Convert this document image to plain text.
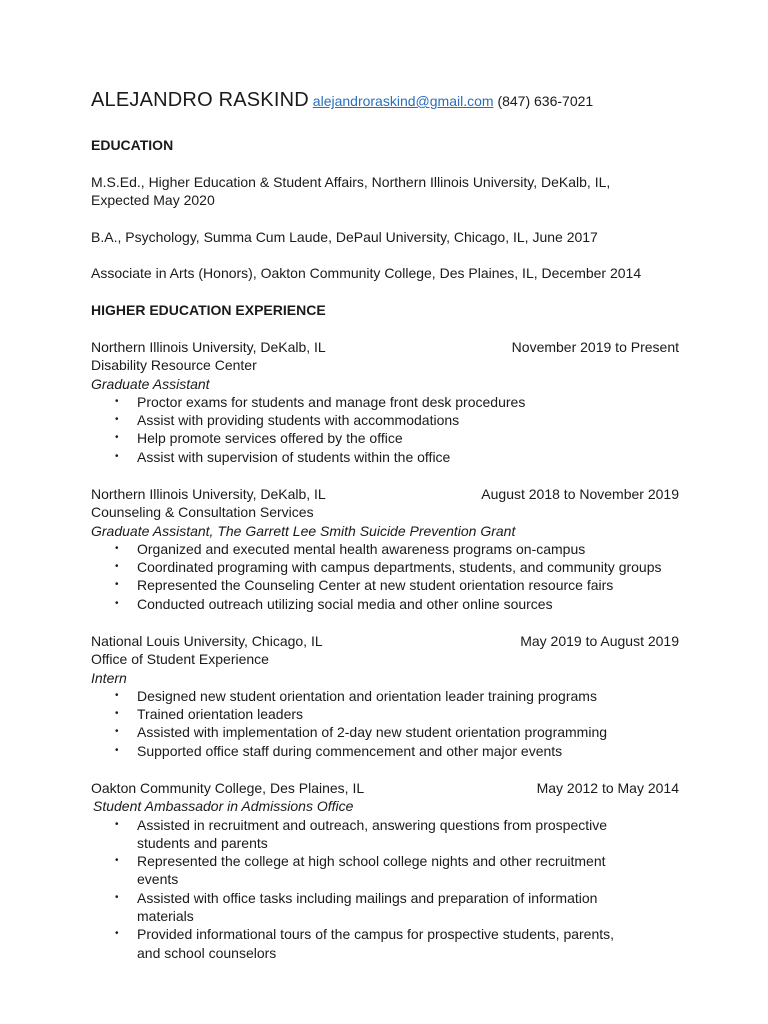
ALEJANDRO RASKIND alejandroraskind@gmail.com (847) 636-7021
EDUCATION
M.S.Ed., Higher Education & Student Affairs, Northern Illinois University, DeKalb, IL, Expected May 2020
B.A., Psychology, Summa Cum Laude, DePaul University, Chicago, IL, June 2017
Associate in Arts (Honors), Oakton Community College, Des Plaines, IL, December 2014
HIGHER EDUCATION EXPERIENCE
Northern Illinois University, DeKalb, IL	November 2019 to Present
Disability Resource Center
Graduate Assistant
• Proctor exams for students and manage front desk procedures
• Assist with providing students with accommodations
• Help promote services offered by the office
• Assist with supervision of students within the office
Northern Illinois University, DeKalb, IL	August 2018 to November 2019
Counseling & Consultation Services
Graduate Assistant, The Garrett Lee Smith Suicide Prevention Grant
• Organized and executed mental health awareness programs on-campus
• Coordinated programing with campus departments, students, and community groups
• Represented the Counseling Center at new student orientation resource fairs
• Conducted outreach utilizing social media and other online sources
National Louis University, Chicago, IL	May 2019 to August 2019
Office of Student Experience
Intern
• Designed new student orientation and orientation leader training programs
• Trained orientation leaders
• Assisted with implementation of 2-day new student orientation programming
• Supported office staff during commencement and other major events
Oakton Community College, Des Plaines, IL	May 2012 to May 2014
Student Ambassador in Admissions Office
• Assisted in recruitment and outreach, answering questions from prospective students and parents
• Represented the college at high school college nights and other recruitment events
• Assisted with office tasks including mailings and preparation of information materials
• Provided informational tours of the campus for prospective students, parents, and school counselors
